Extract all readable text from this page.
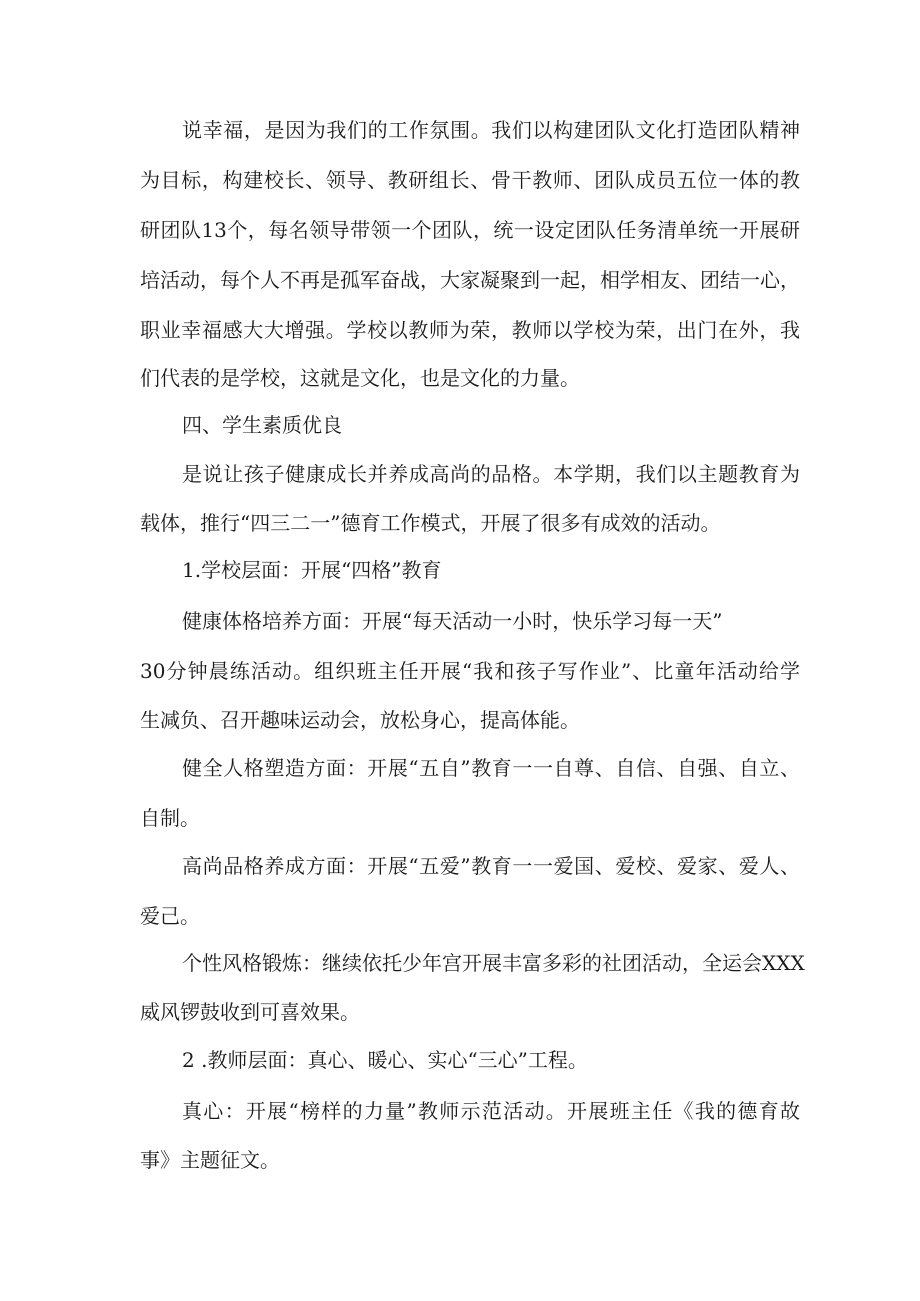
说幸福，是因为我们的工作氛围。我们以构建团队文化打造团队精神
为目标，构建校长、领导、教研组长、骨干教师、团队成员五位一体的教
研团队13个，每名领导带领一个团队，统一设定团队任务清单统一开展研
培活动，每个人不再是孤军奋战，大家凝聚到一起，相学相友、团结一心，
职业幸福感大大增强。学校以教师为荣，教师以学校为荣，出门在外，我
们代表的是学校，这就是文化，也是文化的力量。
四、学生素质优良
是说让孩子健康成长并养成高尚的品格。本学期，我们以主题教育为
载体，推行“四三二一”德育工作模式，开展了很多有成效的活动。
1.学校层面：开展“四格”教育
健康体格培养方面：开展“每天活动一小时，快乐学习每一天”
30分钟晨练活动。组织班主任开展“我和孩子写作业”、比童年活动给学
生减负、召开趣味运动会，放松身心，提高体能。
健全人格塑造方面：开展“五自”教育一一自尊、自信、自强、自立、
自制。
高尚品格养成方面：开展“五爱”教育一一爱国、爱校、爱家、爱人、
爱己。
个性风格锻炼：继续依托少年宫开展丰富多彩的社团活动，全运会XXX
威风锣鼓收到可喜效果。
2 .教师层面：真心、暖心、实心“三心”工程。
真心：开展“榜样的力量”教师示范活动。开展班主任《我的德育故
事》主题征文。
